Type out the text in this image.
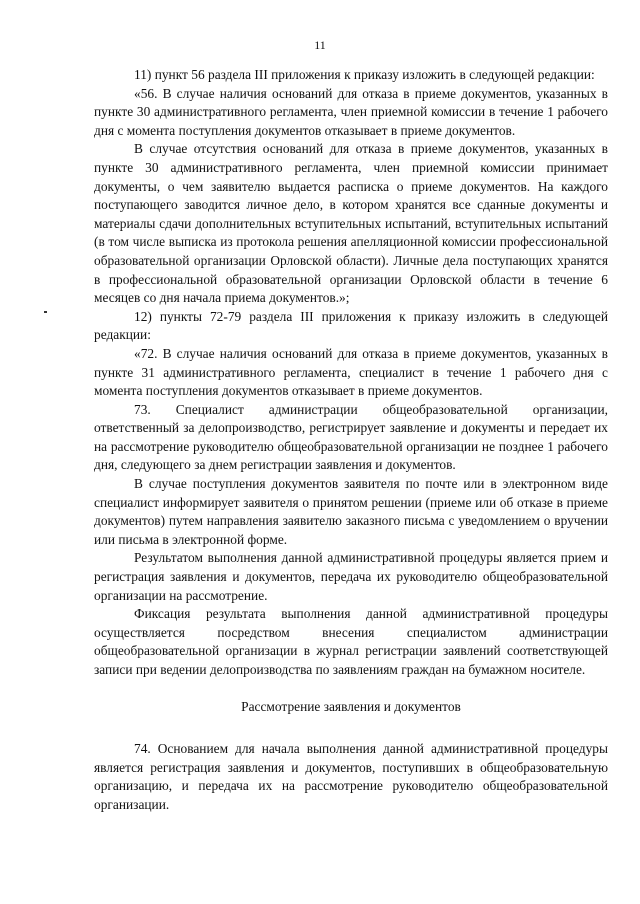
11

11) пункт 56 раздела III приложения к приказу изложить в следующей редакции:

«56. В случае наличия оснований для отказа в приеме документов, указанных в пункте 30 административного регламента, член приемной комиссии в течение 1 рабочего дня с момента поступления документов отказывает в приеме документов.

В случае отсутствия оснований для отказа в приеме документов, указанных в пункте 30 административного регламента, член приемной комиссии принимает документы, о чем заявителю выдается расписка о приеме документов. На каждого поступающего заводится личное дело, в котором хранятся все сданные документы и материалы сдачи дополнительных вступительных испытаний, вступительных испытаний (в том числе выписка из протокола решения апелляционной комиссии профессиональной образовательной организации Орловской области). Личные дела поступающих хранятся в профессиональной образовательной организации Орловской области в течение 6 месяцев со дня начала приема документов.»;

12) пункты 72-79 раздела III приложения к приказу изложить в следующей редакции:

«72. В случае наличия оснований для отказа в приеме документов, указанных в пункте 31 административного регламента, специалист в течение 1 рабочего дня с момента поступления документов отказывает в приеме документов.

73. Специалист администрации общеобразовательной организации, ответственный за делопроизводство, регистрирует заявление и документы и передает их на рассмотрение руководителю общеобразовательной организации не позднее 1 рабочего дня, следующего за днем регистрации заявления и документов.

В случае поступления документов заявителя по почте или в электронном виде специалист информирует заявителя о принятом решении (приеме или об отказе в приеме документов) путем направления заявителю заказного письма с уведомлением о вручении или письма в электронной форме.

Результатом выполнения данной административной процедуры является прием и регистрация заявления и документов, передача их руководителю общеобразовательной организации на рассмотрение.

Фиксация результата выполнения данной административной процедуры осуществляется посредством внесения специалистом администрации общеобразовательной организации в журнал регистрации заявлений соответствующей записи при ведении делопроизводства по заявлениям граждан на бумажном носителе.

Рассмотрение заявления и документов

74. Основанием для начала выполнения данной административной процедуры является регистрация заявления и документов, поступивших в общеобразовательную организацию, и передача их на рассмотрение руководителю общеобразовательной организации.
